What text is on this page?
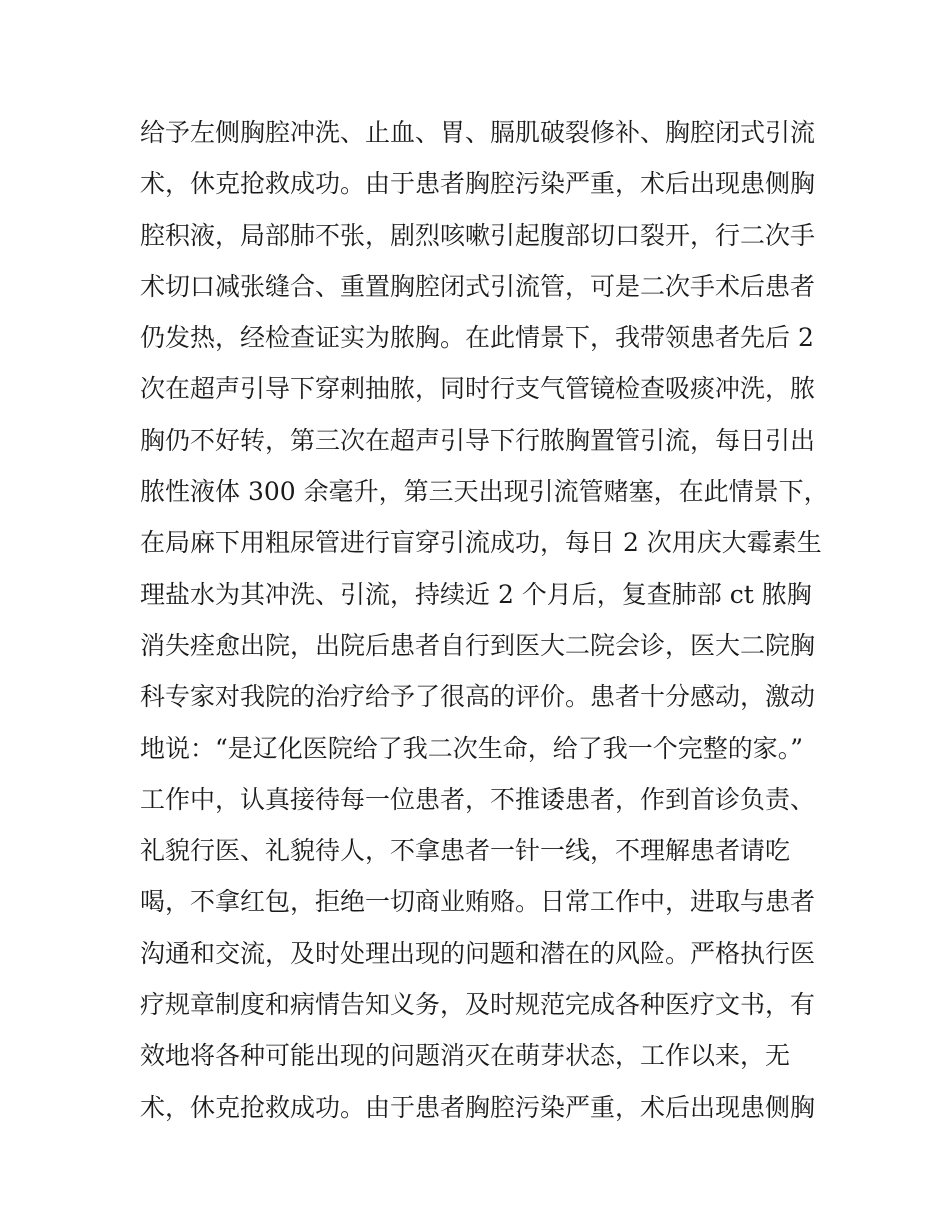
给予左侧胸腔冲洗、止血、胃、膈肌破裂修补、胸腔闭式引流
术，休克抢救成功。由于患者胸腔污染严重，术后出现患侧胸
腔积液，局部肺不张，剧烈咳嗽引起腹部切口裂开，行二次手
术切口减张缝合、重置胸腔闭式引流管，可是二次手术后患者
仍发热，经检查证实为脓胸。在此情景下，我带领患者先后 2
次在超声引导下穿刺抽脓，同时行支气管镜检查吸痰冲洗，脓
胸仍不好转，第三次在超声引导下行脓胸置管引流，每日引出
脓性液体 300 余毫升，第三天出现引流管赌塞，在此情景下，
在局麻下用粗尿管进行盲穿引流成功，每日 2 次用庆大霉素生
理盐水为其冲洗、引流，持续近 2 个月后，复查肺部 ct 脓胸
消失痊愈出院，出院后患者自行到医大二院会诊，医大二院胸
科专家对我院的治疗给予了很高的评价。患者十分感动，激动
地说：“是辽化医院给了我二次生命，给了我一个完整的家。”
工作中，认真接待每一位患者，不推诿患者，作到首诊负责、
礼貌行医、礼貌待人，不拿患者一针一线，不理解患者请吃
喝，不拿红包，拒绝一切商业贿赂。日常工作中，进取与患者
沟通和交流，及时处理出现的问题和潜在的风险。严格执行医
疗规章制度和病情告知义务，及时规范完成各种医疗文书，有
效地将各种可能出现的问题消灭在萌芽状态，工作以来，无
术，休克抢救成功。由于患者胸腔污染严重，术后出现患侧胸
